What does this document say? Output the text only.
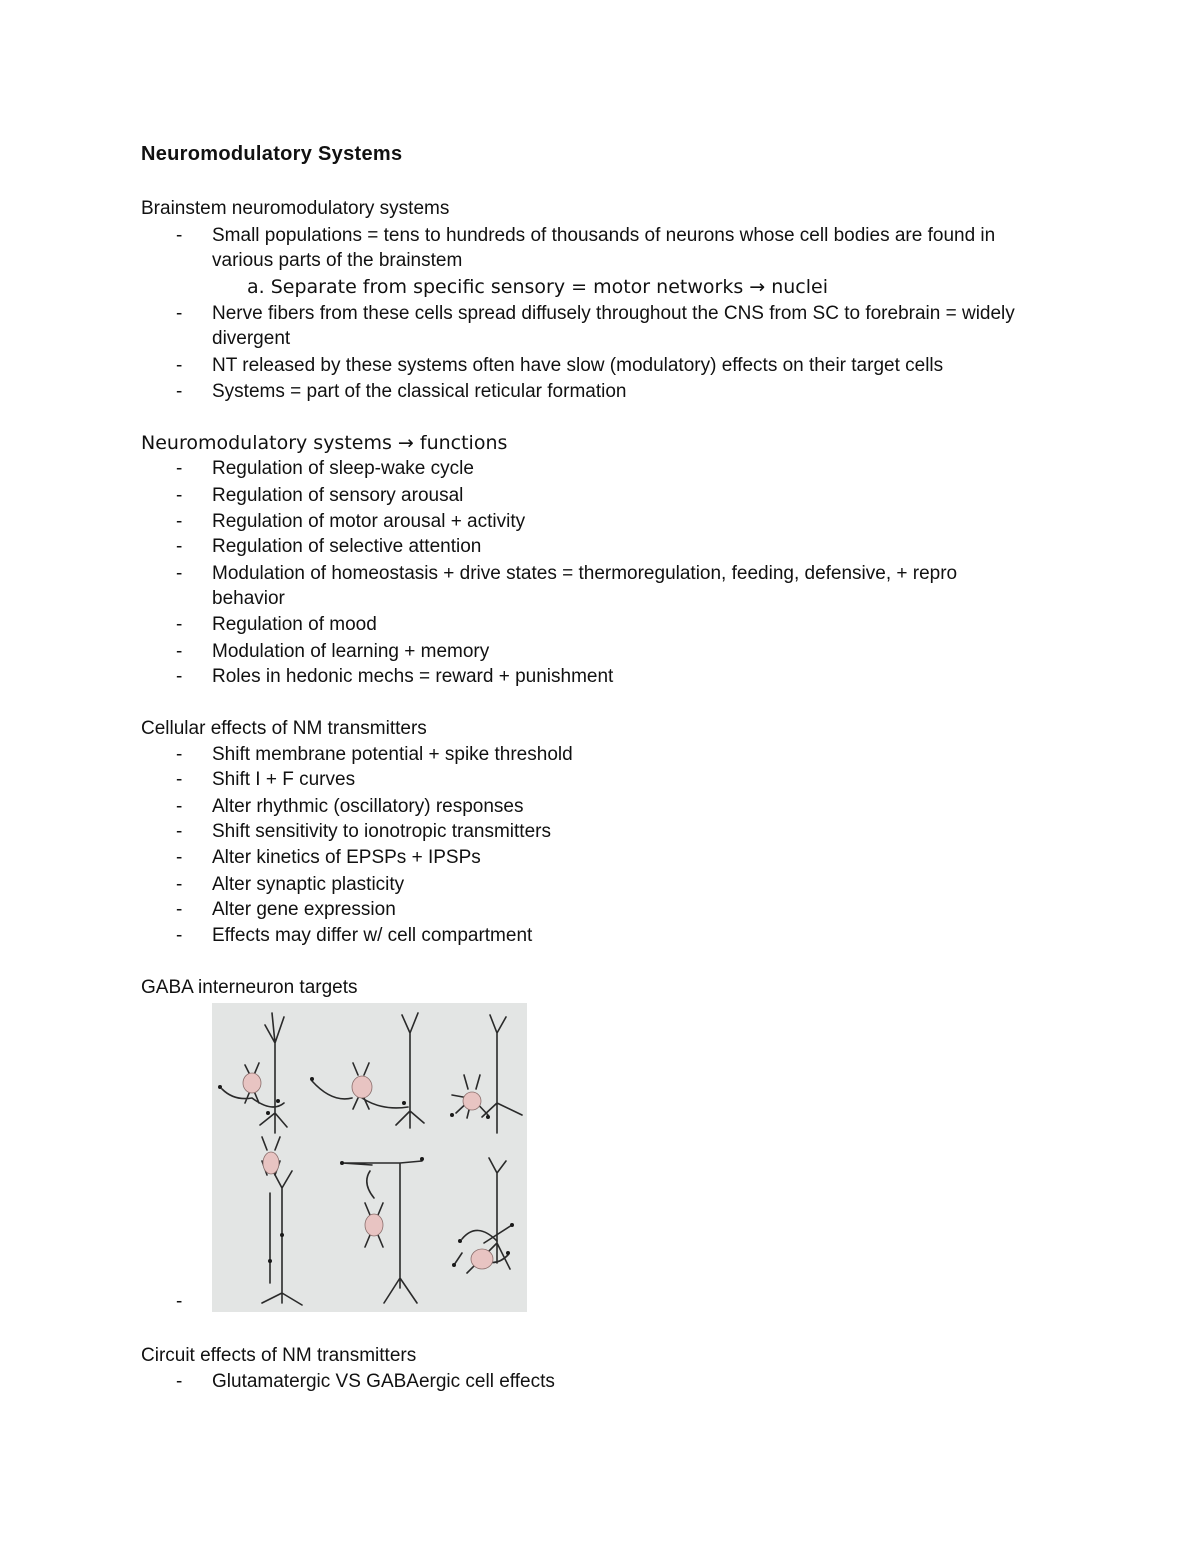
Neuromodulatory Systems
Brainstem neuromodulatory systems
- Small populations = tens to hundreds of thousands of neurons whose cell bodies are found in
various parts of the brainstem
a. Separate from specific sensory = motor networks → nuclei
- Nerve fibers from these cells spread diffusely throughout the CNS from SC to forebrain = widely
divergent
- NT released by these systems often have slow (modulatory) effects on their target cells
- Systems = part of the classical reticular formation
Neuromodulatory systems → functions
- Regulation of sleep-wake cycle
- Regulation of sensory arousal
- Regulation of motor arousal + activity
- Regulation of selective attention
- Modulation of homeostasis + drive states = thermoregulation, feeding, defensive, + repro
behavior
- Regulation of mood
- Modulation of learning + memory
- Roles in hedonic mechs = reward + punishment
Cellular effects of NM transmitters
- Shift membrane potential + spike threshold
- Shift I + F curves
- Alter rhythmic (oscillatory) responses
- Shift sensitivity to ionotropic transmitters
- Alter kinetics of EPSPs + IPSPs
- Alter synaptic plasticity
- Alter gene expression
- Effects may differ w/ cell compartment
GABA interneuron targets
-
Circuit effects of NM transmitters
- Glutamatergic VS GABAergic cell effects
